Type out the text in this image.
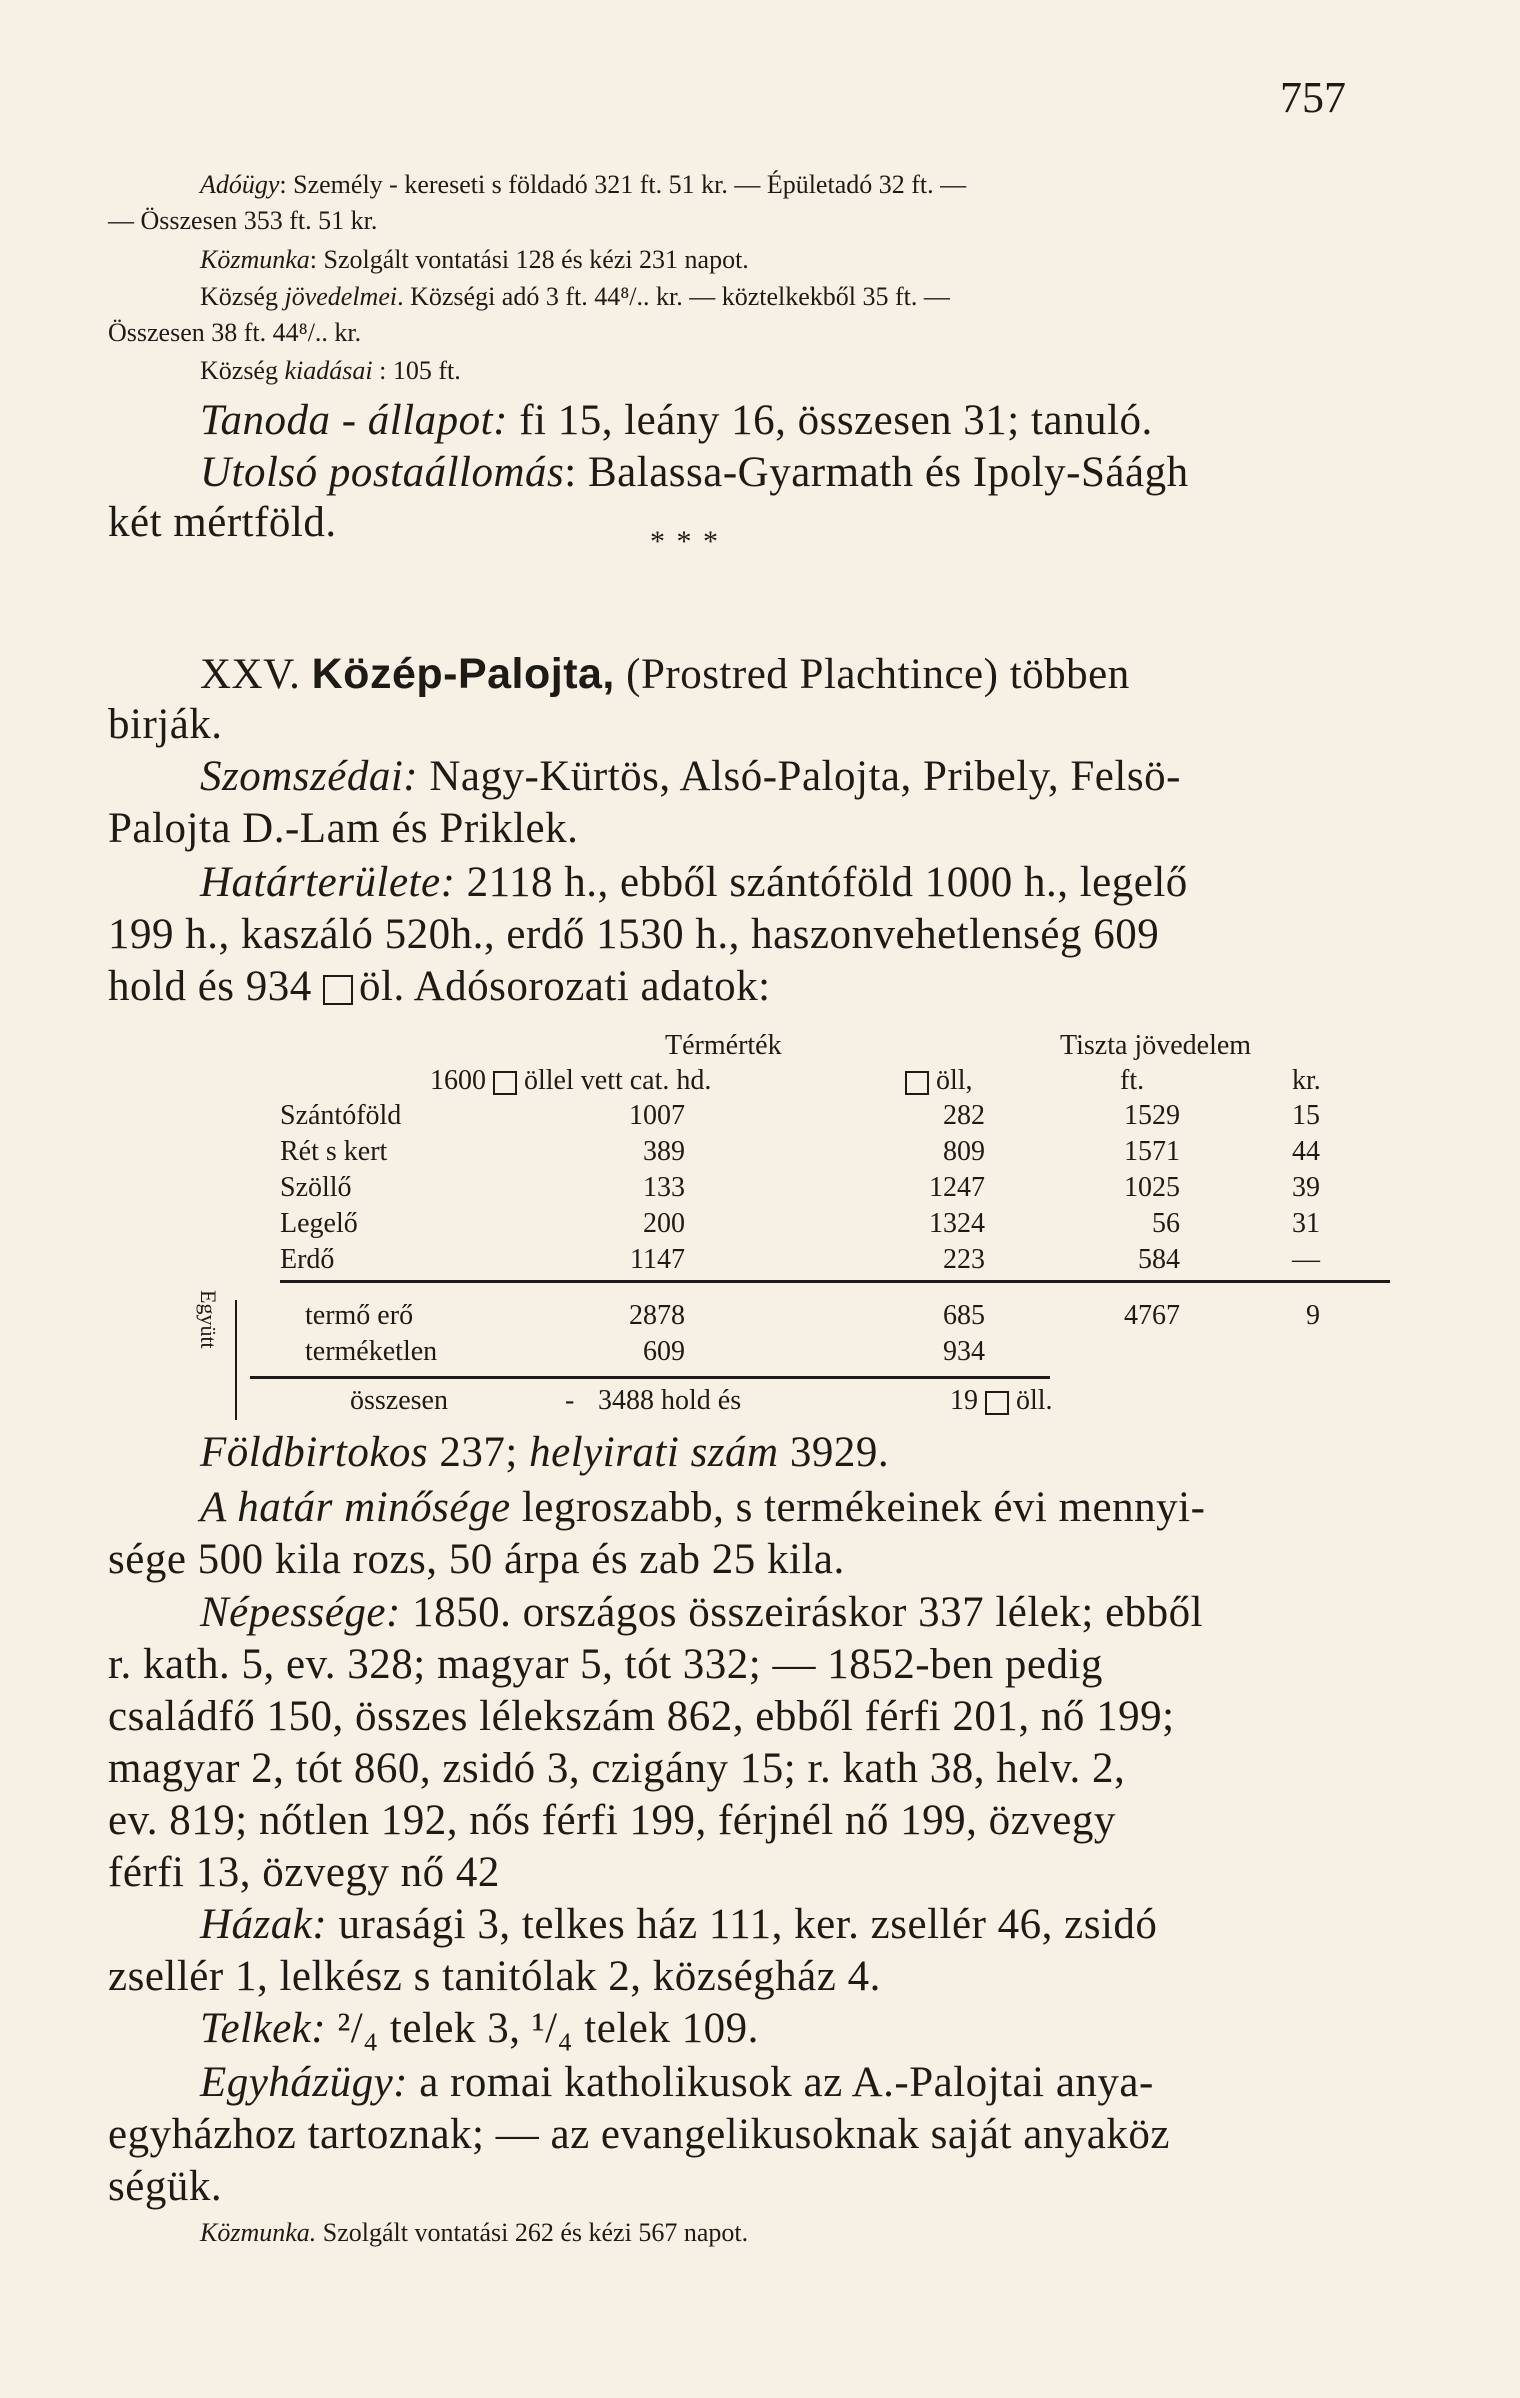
757
Adóügy: Személy - kereseti s földadó 321 ft. 51 kr. — Épületadó 32 ft. —
— Összesen 353 ft. 51 kr.
Közmunka: Szolgált vontatási 128 és kézi 231 napot.
Község jövedelmei. Községi adó 3 ft. 44⁸/.. kr. — köztelkekből 35 ft. —
Összesen 38 ft. 44⁸/.. kr.
Község kiadásai : 105 ft.
Tanoda - állapot: fi 15, leány 16, összesen 31; tanuló.
Utolsó postaállomás: Balassa-Gyarmath és Ipoly-Sáágh
két mértföld.	* * *
XXV. Közép-Palojta, (Prostred Plachtince) többen
birják.
Szomszédai: Nagy-Kürtös, Alsó-Palojta, Pribely, Felsö-
Palojta D.-Lam és Priklek.
Határterülete: 2118 h., ebből szántóföld 1000 h., legelő
199 h., kaszáló 520h., erdő 1530 h., haszonvehetlenség 609
hold és 934 öl. Adósorozati adatok:
Térmérték	Tiszta jövedelem
1600 öllel vett cat. hd.	öll,	ft.	kr.
Szántóföld	1007	282	1529	15
Rét s kert	389	809	1571	44
Szöllő	133	1247	1025	39
Legelő	200	1324	56	31
Erdő	1147	223	584	—
Együtt	termő erő	2878	685	4767	9
terméketlen	609	934
összesen	- 3488 hold és	19 öll.
Földbirtokos 237; helyirati szám 3929.
A határ minősége legroszabb, s termékeinek évi mennyi-
sége 500 kila rozs, 50 árpa és zab 25 kila.
Népessége: 1850. országos összeiráskor 337 lélek; ebből
r. kath. 5, ev. 328; magyar 5, tót 332; — 1852-ben pedig
családfő 150, összes lélekszám 862, ebből férfi 201, nő 199;
magyar 2, tót 860, zsidó 3, czigány 15; r. kath 38, helv. 2,
ev. 819; nőtlen 192, nős férfi 199, férjnél nő 199, özvegy
férfi 13, özvegy nő 42
Házak: urasági 3, telkes ház 111, ker. zsellér 46, zsidó
zsellér 1, lelkész s tanitólak 2, községház 4.
Telkek: ²/₄ telek 3, ¹/₄ telek 109.
Egyházügy: a romai katholikusok az A.-Palojtai anya-
egyházhoz tartoznak; — az evangelikusoknak saját anyaköz
ségük.
Közmunka. Szolgált vontatási 262 és kézi 567 napot.
